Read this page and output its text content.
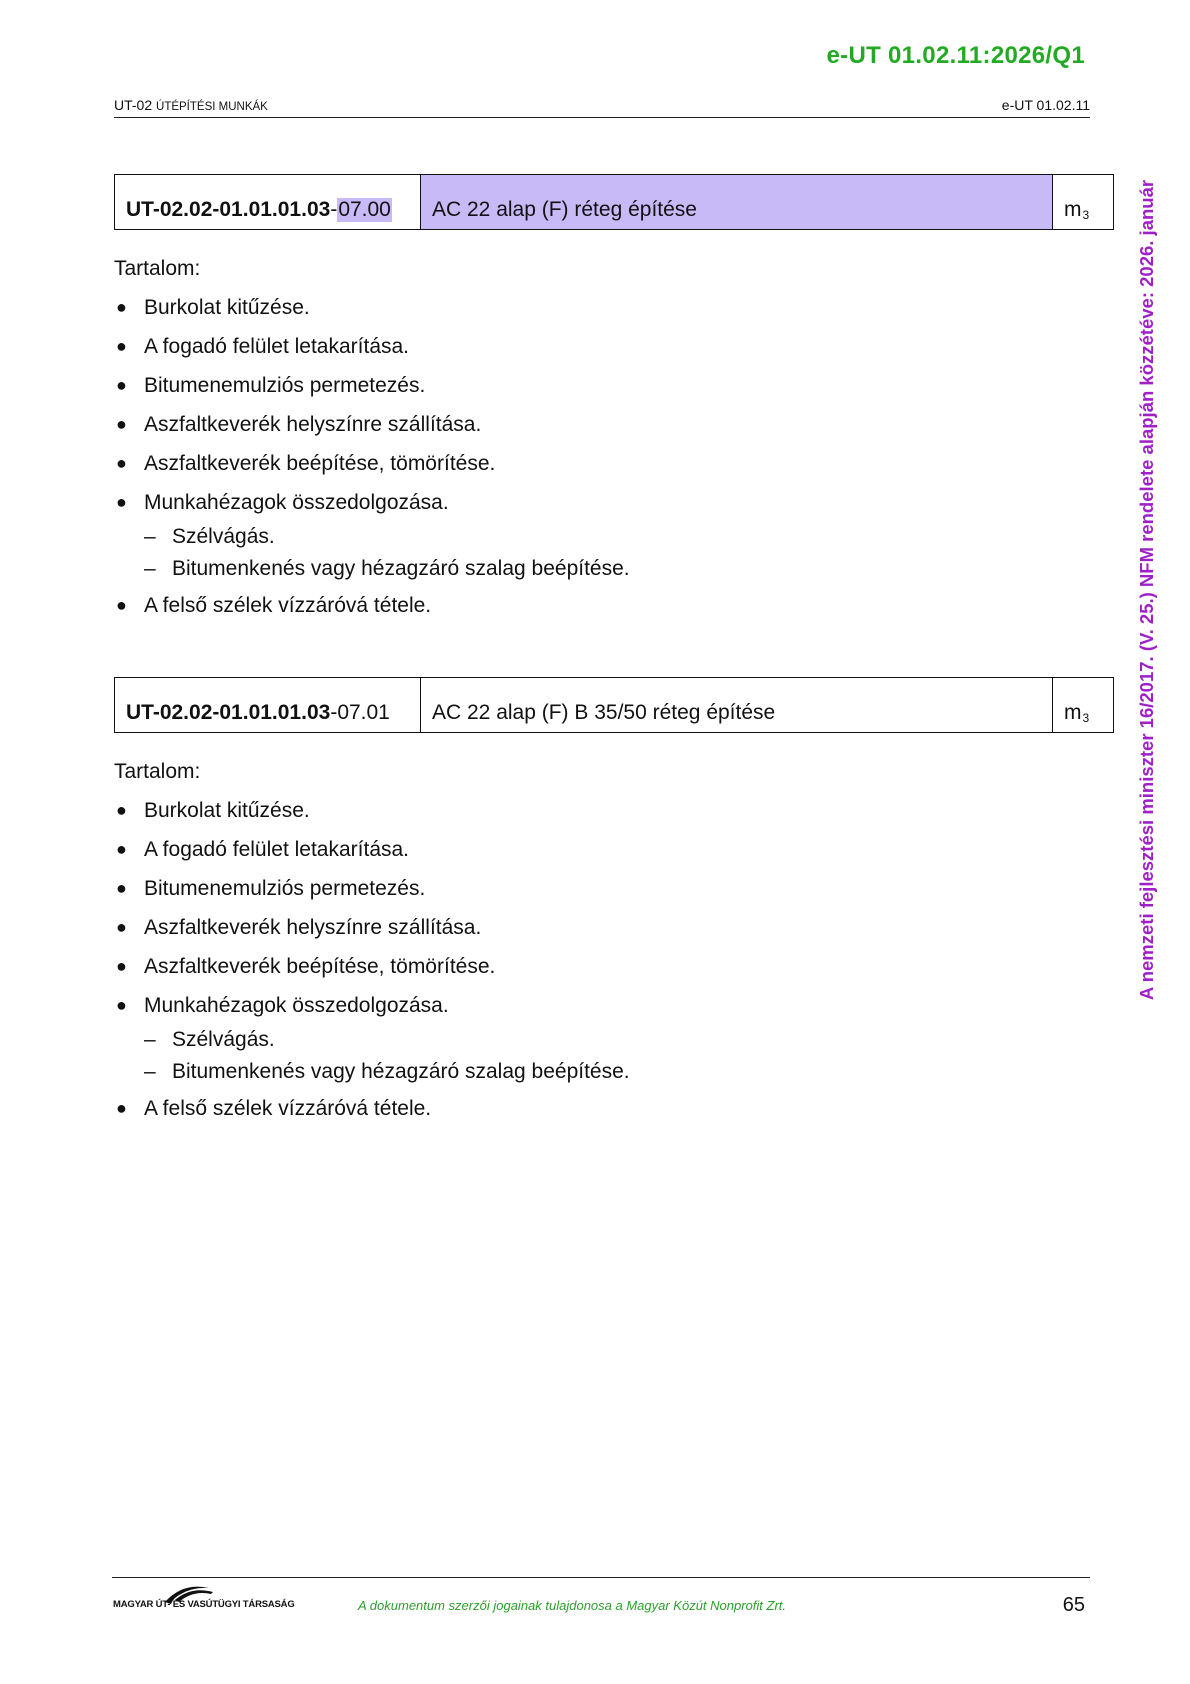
e-UT 01.02.11:2026/Q1
UT-02 ÚTÉPÍTÉSI MUNKÁK	e-UT 01.02.11
A nemzeti fejlesztési miniszter 16/2017. (V. 25.) NFM rendelete alapján közzétéve: 2026. január
UT-02.02-01.01.01.03 - 07.00 AC 22 alap (F) réteg építése	$m_3$
Tartalom:
● Burkolat kitűzése.
● A fogadó felület letakarítása.
● Bitumenemulziós permetezés.
● Aszfaltkeverék helyszínre szállítása.
● Aszfaltkeverék beépítése, tömörítése.
● Munkahézagok összedolgozása.
– Szélvágás.
– Bitumenkenés vagy hézagzáró szalag beépítése.
● A felső szélek vízzáróvá tétele.
UT-02.02-01.01.01.03 - 07.01 AC 22 alap (F) B 35/50 réteg építése	$m_3$
Tartalom:
● Burkolat kitűzése.
● A fogadó felület letakarítása.
● Bitumenemulziós permetezés.
● Aszfaltkeverék helyszínre szállítása.
● Aszfaltkeverék beépítése, tömörítése.
● Munkahézagok összedolgozása.
– Szélvágás.
– Bitumenkenés vagy hézagzáró szalag beépítése.
● A felső szélek vízzáróvá tétele.
MAGYAR ÚT- ÉS VASÚTÜGYI TÁRSASÁG	A dokumentum szerzői jogainak tulajdonosa a Magyar Közút Nonprofit Zrt.	65
